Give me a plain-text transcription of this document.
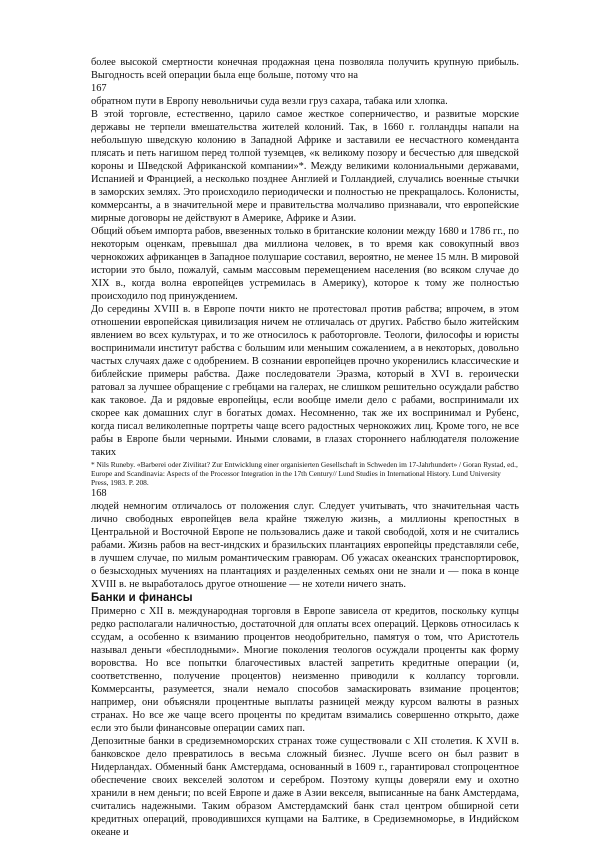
более высокой смертности конечная продажная цена позволяла получить крупную прибыль. Выгодность всей операции была еще больше, потому что на

167

обратном пути в Европу невольничьи суда везли груз сахара, табака или хлопка.

В этой торговле, естественно, царило самое жесткое соперничество, и развитые морские державы не терпели вмешательства жителей колоний. Так, в 1660 г. голландцы напали на небольшую шведскую колонию в Западной Африке и заставили ее несчастного коменданта плясать и петь нагишом перед толпой туземцев, «к великому позору и бесчестью для шведской короны и Шведской Африканской компании»*. Между великими колониальными державами, Испанией и Францией, а несколько позднее Англией и Голландией, случались военные стычки в заморских землях. Это происходило периодически и полностью не прекращалось. Колонисты, коммерсанты, а в значительной мере и правительства молчаливо признавали, что европейские мирные договоры не действуют в Америке, Африке и Азии.

Общий объем импорта рабов, ввезенных только в британские колонии между 1680 и 1786 гг., по некоторым оценкам, превышал два миллиона человек, в то время как совокупный ввоз чернокожих африканцев в Западное полушарие составил, вероятно, не менее 15 млн. В мировой истории это было, пожалуй, самым массовым перемещением населения (во всяком случае до XIX в., когда волна европейцев устремилась в Америку), которое к тому же полностью происходило под принуждением.

До середины XVIII в. в Европе почти никто не протестовал против рабства; впрочем, в этом отношении европейская цивилизация ничем не отличалась от других. Рабство было житейским явлением во всех культурах, и то же относилось к работорговле. Теологи, философы и юристы воспринимали институт рабства с большим или меньшим сожалением, а в некоторых, довольно частых случаях даже с одобрением. В сознании европейцев прочно укоренились классические и библейские примеры рабства. Даже последователи Эразма, который в XVI в. героически ратовал за лучшее обращение с гребцами на галерах, не слишком решительно осуждали рабство как таковое. Да и рядовые европейцы, если вообще имели дело с рабами, воспринимали их скорее как домашних слуг в богатых домах. Несомненно, так же их воспринимал и Рубенс, когда писал великолепные портреты чаще всего радостных чернокожих лиц. Кроме того, не все рабы в Европе были черными. Иными словами, в глазах стороннего наблюдателя положение таких

* Nils Runeby. «Barberei oder Zivilitat? Zur Entwicklung einer organisierten Gesellschaft in Schweden im 17-Jahrhundert» / Goran Rystad, ed., Europe and Scandinavia: Aspects of the Processor Integration in the 17th Century// Lund Studies in International History. Lund University Press, 1983. P. 208.

168

людей немногим отличалось от положения слуг. Следует учитывать, что значительная часть лично свободных европейцев вела крайне тяжелую жизнь, а миллионы крепостных в Центральной и Восточной Европе не пользовались даже и такой свободой, хотя и не считались рабами. Жизнь рабов на вест-индских и бразильских плантациях европейцы представляли себе, в лучшем случае, по милым романтическим гравюрам. Об ужасах океанских транспортировок, о безысходных мучениях на плантациях и разделенных семьях они не знали и — пока в конце XVIII в. не выработалось другое отношение — не хотели ничего знать.

Банки и финансы

Примерно с XII в. международная торговля в Европе зависела от кредитов, поскольку купцы редко располагали наличностью, достаточной для оплаты всех операций. Церковь относилась к ссудам, а особенно к взиманию процентов неодобрительно, памятуя о том, что Аристотель называл деньги «бесплодными». Многие поколения теологов осуждали проценты как форму воровства. Но все попытки благочестивых властей запретить кредитные операции (и, соответственно, получение процентов) неизменно приводили к коллапсу торговли. Коммерсанты, разумеется, знали немало способов замаскировать взимание процентов; например, они объясняли процентные выплаты разницей между курсом валюты в разных странах. Но все же чаще всего проценты по кредитам взимались совершенно открыто, даже если это были финансовые операции самих пап.

Депозитные банки в средиземноморских странах тоже существовали с XII столетия. К XVII в. банковское дело превратилось в весьма сложный бизнес. Лучше всего он был развит в Нидерландах. Обменный банк Амстердама, основанный в 1609 г., гарантировал стопроцентное обеспечение своих векселей золотом и серебром. Поэтому купцы доверяли ему и охотно хранили в нем деньги; по всей Европе и даже в Азии векселя, выписанные на банк Амстердама, считались надежными. Таким образом Амстердамский банк стал центром обширной сети кредитных операций, проводившихся купцами на Балтике, в Средиземноморье, в Индийском океане и
